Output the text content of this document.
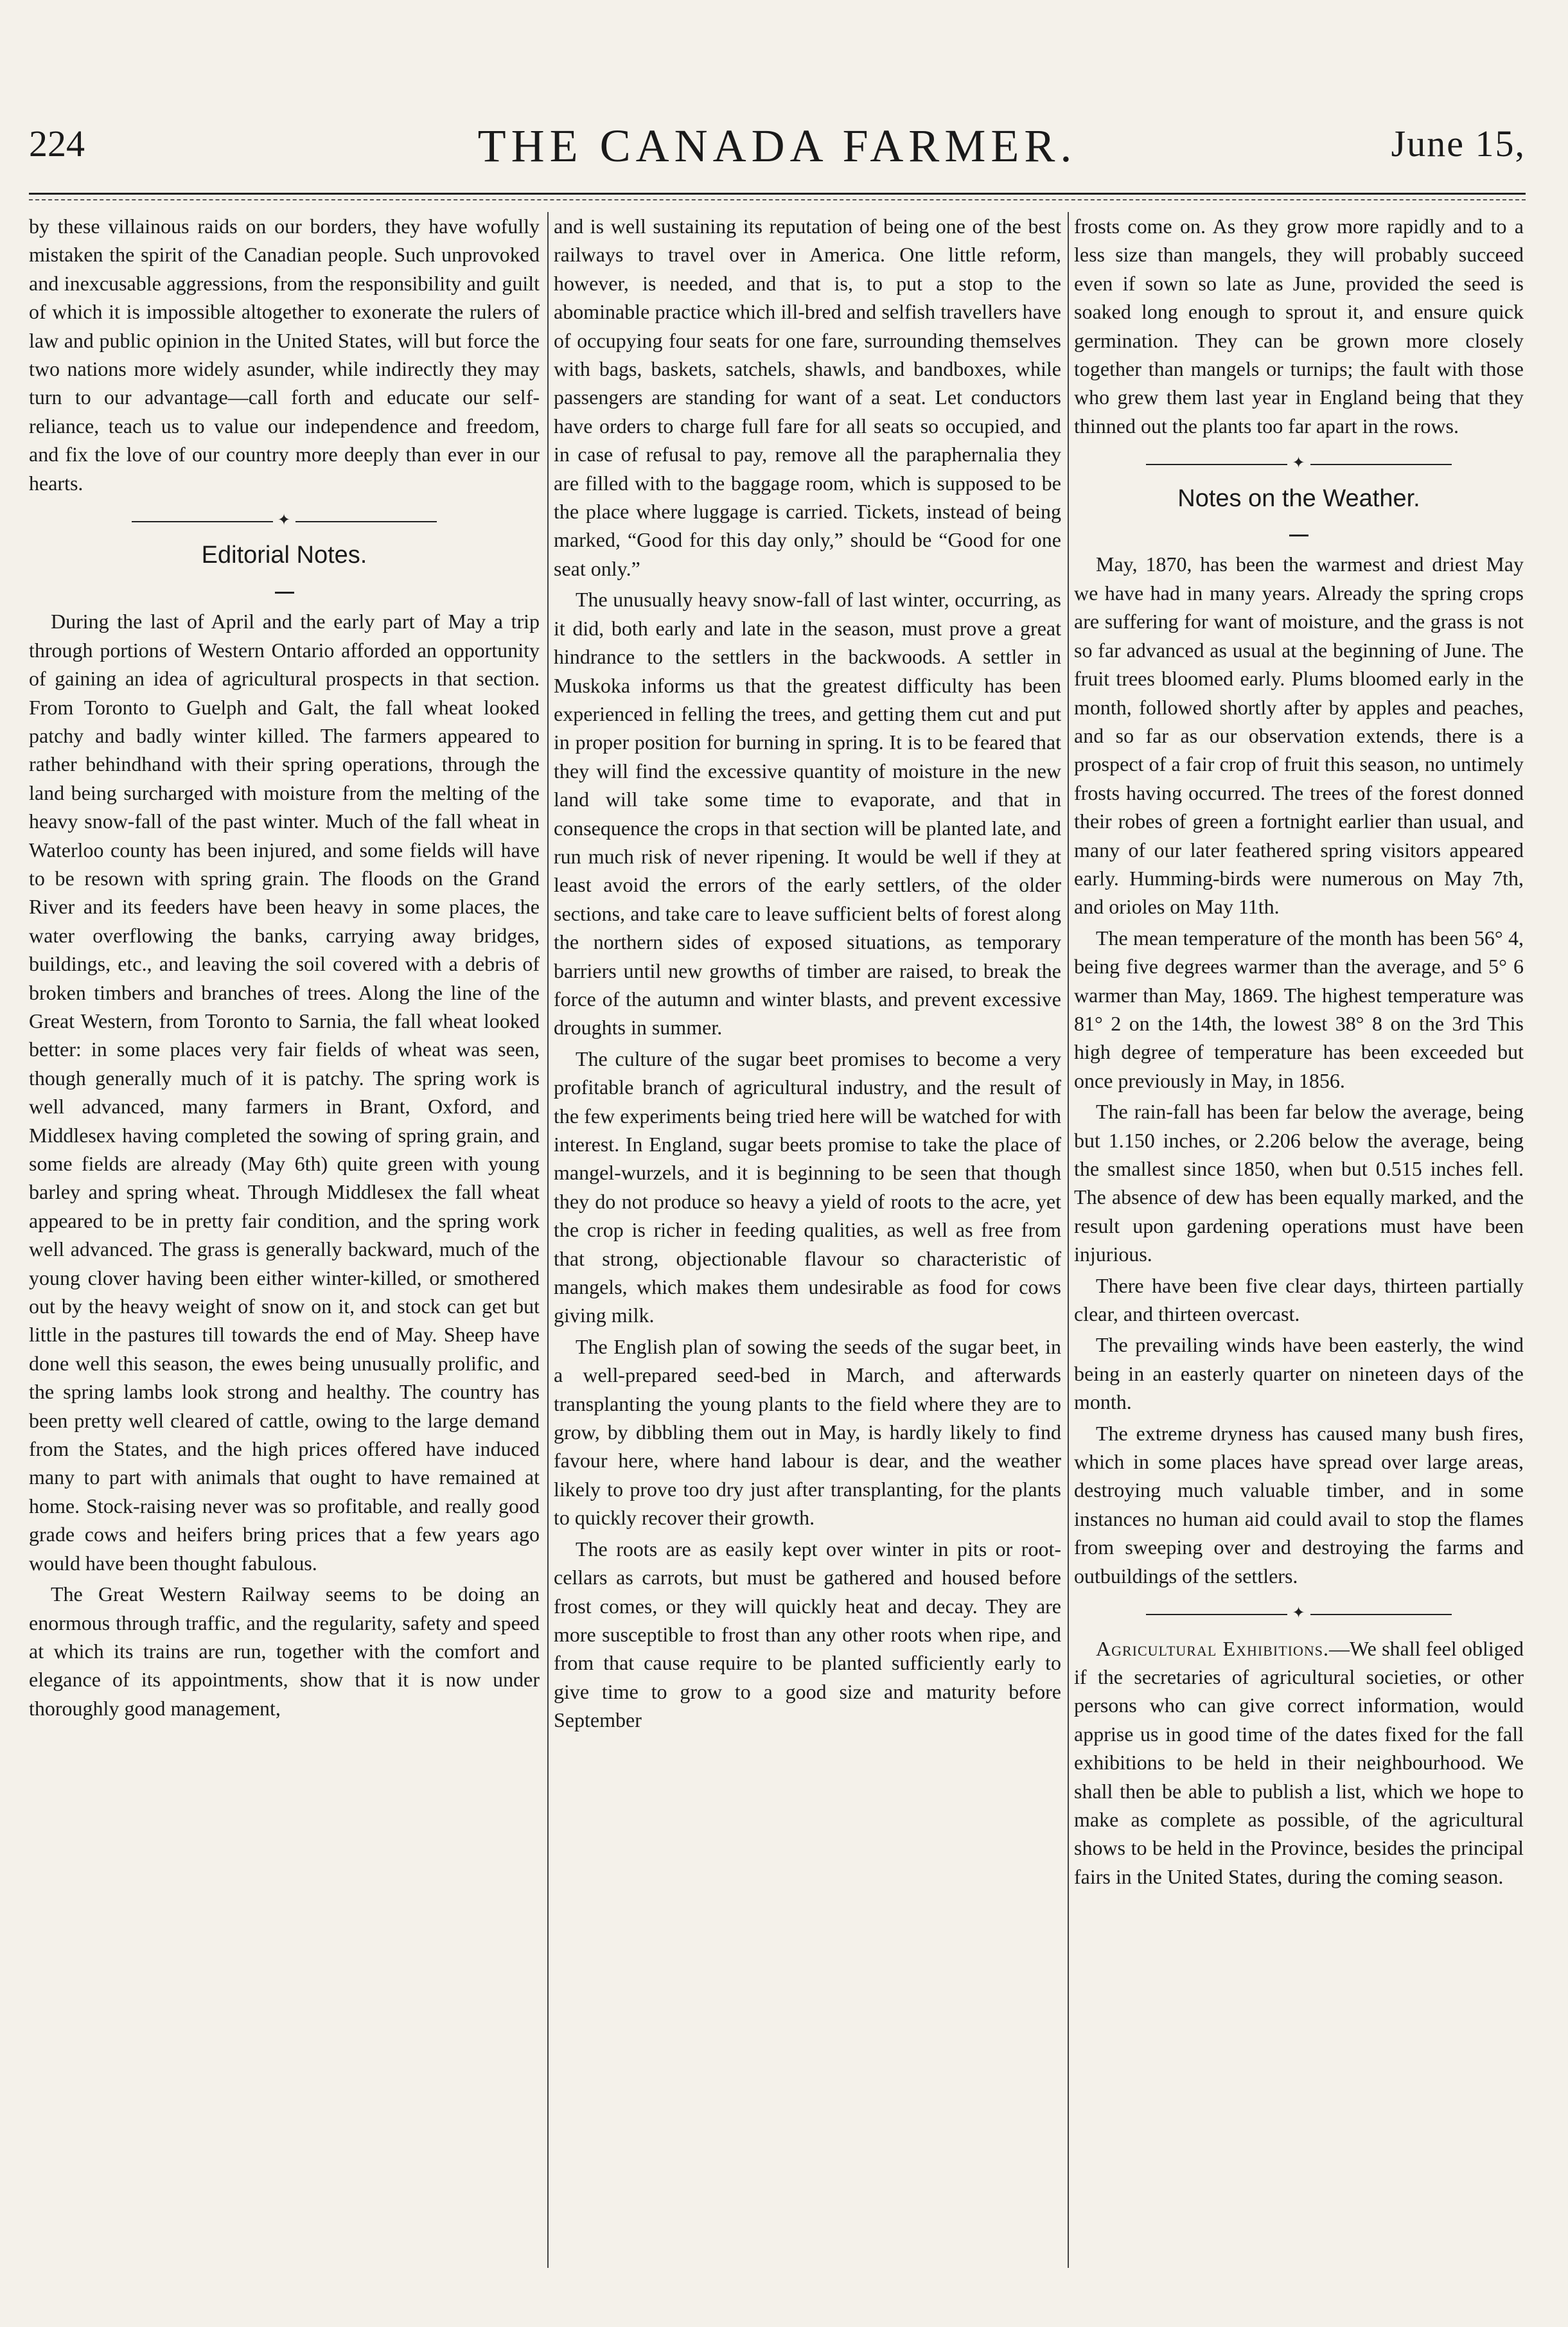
224	THE CANADA FARMER.	June 15,

by these villainous raids on our borders, they have wofully mistaken the spirit of the Canadian people. Such unprovoked and inexcusable aggressions, from the responsibility and guilt of which it is impossible altogether to exonerate the rulers of law and public opinion in the United States, will but force the two nations more widely asunder, while indirectly they may turn to our advantage—call forth and educate our self-reliance, teach us to value our independence and freedom, and fix the love of our country more deeply than ever in our hearts.

✦
Editorial Notes.

During the last of April and the early part of May a trip through portions of Western Ontario afforded an opportunity of gaining an idea of agricultural prospects in that section. From Toronto to Guelph and Galt, the fall wheat looked patchy and badly winter killed. The farmers appeared to rather behindhand with their spring operations, through the land being surcharged with moisture from the melting of the heavy snow-fall of the past winter. Much of the fall wheat in Waterloo county has been injured, and some fields will have to be resown with spring grain. The floods on the Grand River and its feeders have been heavy in some places, the water overflowing the banks, carrying away bridges, buildings, etc., and leaving the soil covered with a debris of broken timbers and branches of trees. Along the line of the Great Western, from Toronto to Sarnia, the fall wheat looked better: in some places very fair fields of wheat was seen, though generally much of it is patchy. The spring work is well advanced, many farmers in Brant, Oxford, and Middlesex having completed the sowing of spring grain, and some fields are already (May 6th) quite green with young barley and spring wheat. Through Middlesex the fall wheat appeared to be in pretty fair condition, and the spring work well advanced. The grass is generally backward, much of the young clover having been either winter-killed, or smothered out by the heavy weight of snow on it, and stock can get but little in the pastures till towards the end of May. Sheep have done well this season, the ewes being unusually prolific, and the spring lambs look strong and healthy. The country has been pretty well cleared of cattle, owing to the large demand from the States, and the high prices offered have induced many to part with animals that ought to have remained at home. Stock-raising never was so profitable, and really good grade cows and heifers bring prices that a few years ago would have been thought fabulous.

The Great Western Railway seems to be doing an enormous through traffic, and the regularity, safety and speed at which its trains are run, together with the comfort and elegance of its appointments, show that it is now under thoroughly good management,

and is well sustaining its reputation of being one of the best railways to travel over in America. One little reform, however, is needed, and that is, to put a stop to the abominable practice which ill-bred and selfish travellers have of occupying four seats for one fare, surrounding themselves with bags, baskets, satchels, shawls, and bandboxes, while passengers are standing for want of a seat. Let conductors have orders to charge full fare for all seats so occupied, and in case of refusal to pay, remove all the paraphernalia they are filled with to the baggage room, which is supposed to be the place where luggage is carried. Tickets, instead of being marked, “Good for this day only,” should be “Good for one seat only.”

The unusually heavy snow-fall of last winter, occurring, as it did, both early and late in the season, must prove a great hindrance to the settlers in the backwoods. A settler in Muskoka informs us that the greatest difficulty has been experienced in felling the trees, and getting them cut and put in proper position for burning in spring. It is to be feared that they will find the excessive quantity of moisture in the new land will take some time to evaporate, and that in consequence the crops in that section will be planted late, and run much risk of never ripening. It would be well if they at least avoid the errors of the early settlers, of the older sections, and take care to leave sufficient belts of forest along the northern sides of exposed situations, as temporary barriers until new growths of timber are raised, to break the force of the autumn and winter blasts, and prevent excessive droughts in summer.

The culture of the sugar beet promises to become a very profitable branch of agricultural industry, and the result of the few experiments being tried here will be watched for with interest. In England, sugar beets promise to take the place of mangel-wurzels, and it is beginning to be seen that though they do not produce so heavy a yield of roots to the acre, yet the crop is richer in feeding qualities, as well as free from that strong, objectionable flavour so characteristic of mangels, which makes them undesirable as food for cows giving milk.

The English plan of sowing the seeds of the sugar beet, in a well-prepared seed-bed in March, and afterwards transplanting the young plants to the field where they are to grow, by dibbling them out in May, is hardly likely to find favour here, where hand labour is dear, and the weather likely to prove too dry just after transplanting, for the plants to quickly recover their growth.

The roots are as easily kept over winter in pits or root-cellars as carrots, but must be gathered and housed before frost comes, or they will quickly heat and decay. They are more susceptible to frost than any other roots when ripe, and from that cause require to be planted sufficiently early to give time to grow to a good size and maturity before September

frosts come on. As they grow more rapidly and to a less size than mangels, they will probably succeed even if sown so late as June, provided the seed is soaked long enough to sprout it, and ensure quick germination. They can be grown more closely together than mangels or turnips; the fault with those who grew them last year in England being that they thinned out the plants too far apart in the rows.

✦
Notes on the Weather.

May, 1870, has been the warmest and driest May we have had in many years. Already the spring crops are suffering for want of moisture, and the grass is not so far advanced as usual at the beginning of June. The fruit trees bloomed early. Plums bloomed early in the month, followed shortly after by apples and peaches, and so far as our observation extends, there is a prospect of a fair crop of fruit this season, no untimely frosts having occurred. The trees of the forest donned their robes of green a fortnight earlier than usual, and many of our later feathered spring visitors appeared early. Humming-birds were numerous on May 7th, and orioles on May 11th.

The mean temperature of the month has been 56° 4, being five degrees warmer than the average, and 5° 6 warmer than May, 1869. The highest temperature was 81° 2 on the 14th, the lowest 38° 8 on the 3rd This high degree of temperature has been exceeded but once previously in May, in 1856.

The rain-fall has been far below the average, being but 1.150 inches, or 2.206 below the average, being the smallest since 1850, when but 0.515 inches fell. The absence of dew has been equally marked, and the result upon gardening operations must have been injurious.

There have been five clear days, thirteen partially clear, and thirteen overcast.

The prevailing winds have been easterly, the wind being in an easterly quarter on nineteen days of the month.

The extreme dryness has caused many bush fires, which in some places have spread over large areas, destroying much valuable timber, and in some instances no human aid could avail to stop the flames from sweeping over and destroying the farms and outbuildings of the settlers.

✦

Agricultural Exhibitions.—We shall feel obliged if the secretaries of agricultural societies, or other persons who can give correct information, would apprise us in good time of the dates fixed for the fall exhibitions to be held in their neighbourhood. We shall then be able to publish a list, which we hope to make as complete as possible, of the agricultural shows to be held in the Province, besides the principal fairs in the United States, during the coming season.
